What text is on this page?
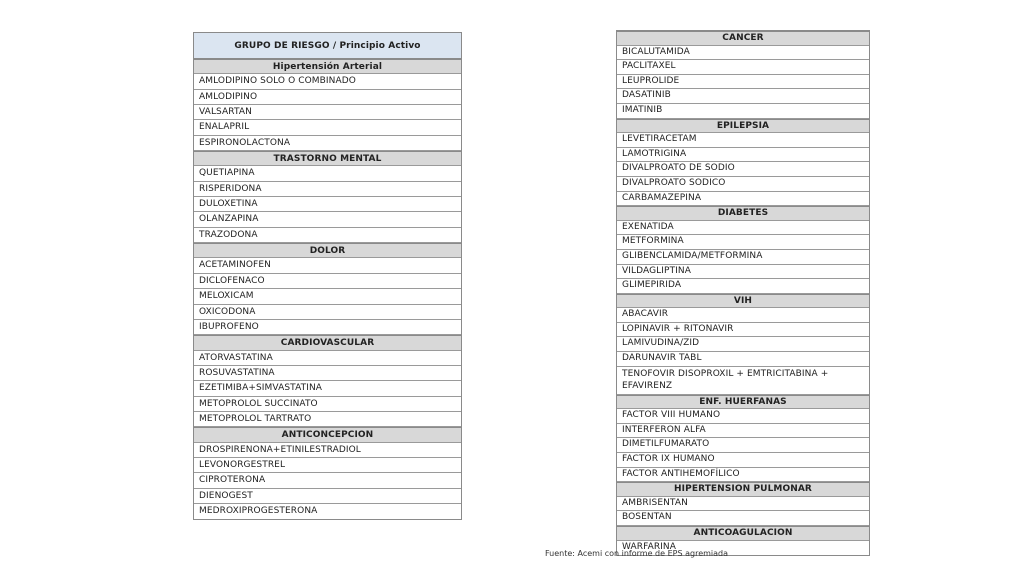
GRUPO DE RIESGO / Principio Activo
Hipertensión Arterial
AMLODIPINO SOLO O COMBINADO
AMLODIPINO
VALSARTAN
ENALAPRIL
ESPIRONOLACTONA
TRASTORNO MENTAL
QUETIAPINA
RISPERIDONA
DULOXETINA
OLANZAPINA
TRAZODONA
DOLOR
ACETAMINOFEN
DICLOFENACO
MELOXICAM
OXICODONA
IBUPROFENO
CARDIOVASCULAR
ATORVASTATINA
ROSUVASTATINA
EZETIMIBA+SIMVASTATINA
METOPROLOL SUCCINATO
METOPROLOL TARTRATO
ANTICONCEPCION
DROSPIRENONA+ETINILESTRADIOL
LEVONORGESTREL
CIPROTERONA
DIENOGEST
MEDROXIPROGESTERONA
CANCER
BICALUTAMIDA
PACLITAXEL
LEUPROLIDE
DASATINIB
IMATINIB
EPILEPSIA
LEVETIRACETAM
LAMOTRIGINA
DIVALPROATO DE SODIO
DIVALPROATO SODICO
CARBAMAZEPINA
DIABETES
EXENATIDA
METFORMINA
GLIBENCLAMIDA/METFORMINA
VILDAGLIPTINA
GLIMEPIRIDA
VIH
ABACAVIR
LOPINAVIR + RITONAVIR
LAMIVUDINA/ZID
DARUNAVIR TABL
TENOFOVIR DISOPROXIL + EMTRICITABINA + EFAVIRENZ
ENF. HUERFANAS
FACTOR VIII HUMANO
INTERFERON ALFA
DIMETILFUMARATO
FACTOR IX HUMANO
FACTOR ANTIHEMOFÍLICO
HIPERTENSION PULMONAR
AMBRISENTAN
BOSENTAN
ANTICOAGULACION
WARFARINA
Fuente: Acemi con informe de EPS agremiada
